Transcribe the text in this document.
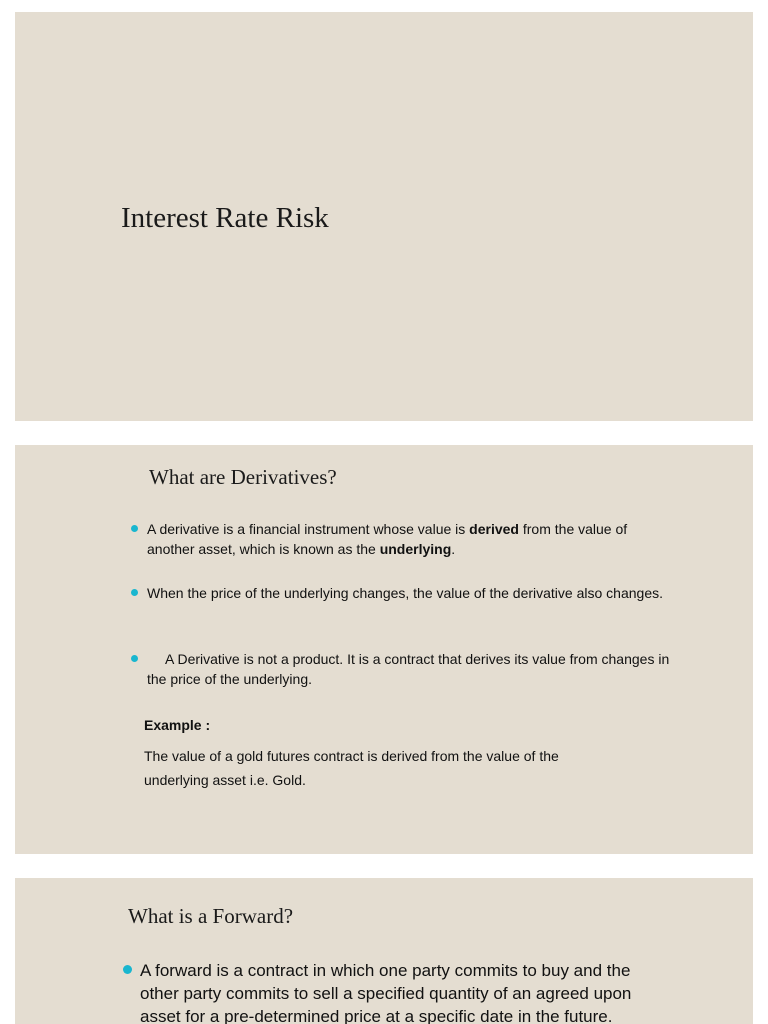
Interest Rate Risk
What are Derivatives?
A derivative is a financial instrument whose value is derived from the value of another asset, which is known as the underlying.
When the price of the underlying changes, the value of the derivative also changes.
A Derivative is not a product. It is a contract that derives its value from changes in the price of the underlying.
Example :
The value of a gold futures contract is derived from the value of the underlying asset i.e. Gold.
What is a Forward?
A forward is a contract in which one party commits to buy and the other party commits to sell a specified quantity of an agreed upon asset for a pre-determined price at a specific date in the future.
